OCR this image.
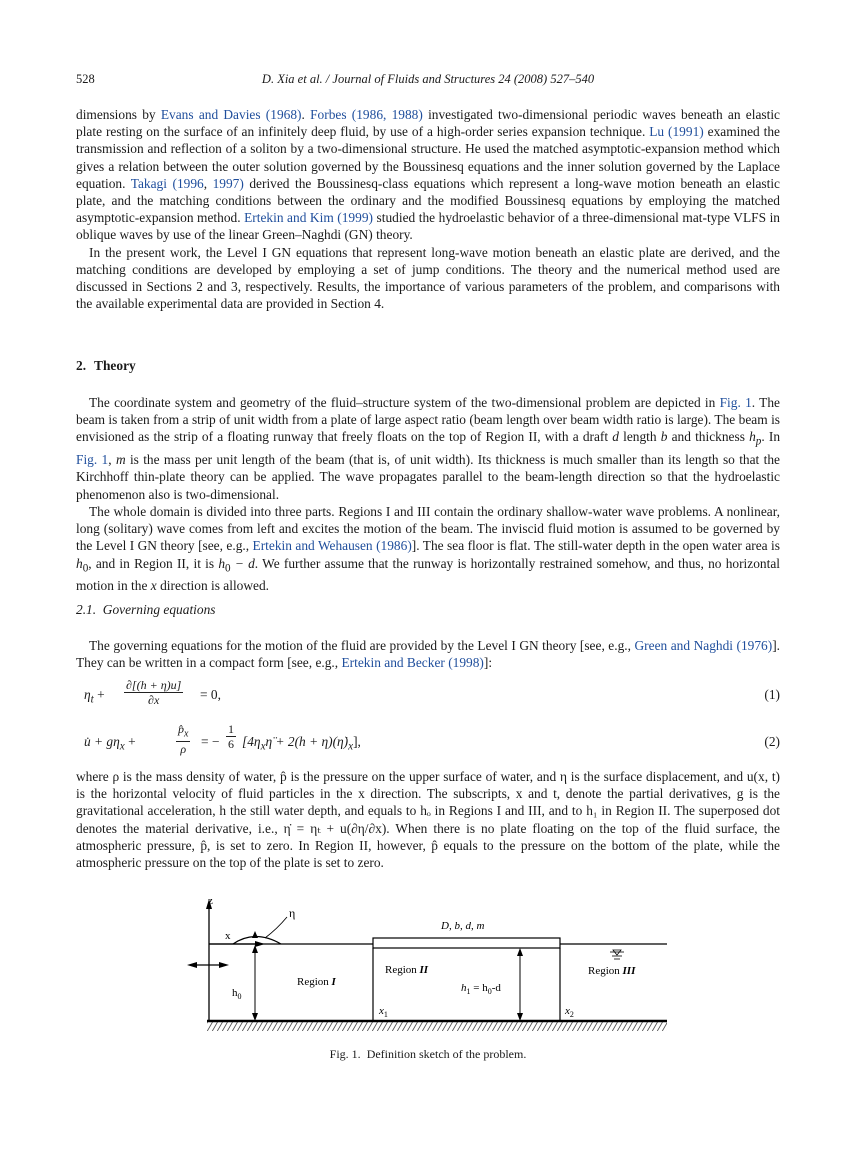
528	D. Xia et al. / Journal of Fluids and Structures 24 (2008) 527–540

dimensions by Evans and Davies (1968). Forbes (1986, 1988) investigated two-dimensional periodic waves beneath an elastic plate resting on the surface of an infinitely deep fluid, by use of a high-order series expansion technique. Lu (1991) examined the transmission and reflection of a soliton by a two-dimensional structure. He used the matched asymptotic-expansion method which gives a relation between the outer solution governed by the Boussinesq equations and the inner solution governed by the Laplace equation. Takagi (1996, 1997) derived the Boussinesq-class equations which represent a long-wave motion beneath an elastic plate, and the matching conditions between the ordinary and the modified Boussinesq equations by employing the matched asymptotic-expansion method. Ertekin and Kim (1999) studied the hydroelastic behavior of a three-dimensional mat-type VLFS in oblique waves by use of the linear Green–Naghdi (GN) theory.

In the present work, the Level I GN equations that represent long-wave motion beneath an elastic plate are derived, and the matching conditions are developed by employing a set of jump conditions. The theory and the numerical method used are discussed in Sections 2 and 3, respectively. Results, the importance of various parameters of the problem, and comparisons with the available experimental data are provided in Section 4.

2. Theory

The coordinate system and geometry of the fluid–structure system of the two-dimensional problem are depicted in Fig. 1. The beam is taken from a strip of unit width from a plate of large aspect ratio (beam length over beam width ratio is large). The beam is envisioned as the strip of a floating runway that freely floats on the top of Region II, with a draft d length b and thickness $h_p$. In Fig. 1, m is the mass per unit length of the beam (that is, of unit width). Its thickness is much smaller than its length so that the Kirchhoff thin-plate theory can be applied. The wave propagates parallel to the beam-length direction so that the hydroelastic phenomenon also is two-dimensional.

The whole domain is divided into three parts. Regions I and III contain the ordinary shallow-water wave problems. A nonlinear, long (solitary) wave comes from left and excites the motion of the beam. The inviscid fluid motion is assumed to be governed by the Level I GN theory [see, e.g., Ertekin and Wehausen (1986)]. The sea floor is flat. The still-water depth in the open water area is $h_0$, and in Region II, it is $h_0 - d$. We further assume that the runway is horizontally restrained somehow, and thus, no horizontal motion in the x direction is allowed.

2.1. Governing equations

The governing equations for the motion of the fluid are provided by the Level I GN theory [see, e.g., Green and Naghdi (1976)]. They can be written in a compact form [see, e.g., Ertekin and Becker (1998)]:

$\eta_t + \frac{\partial[(h + \eta)u]}{\partial x} = 0$,	(1)
u̇ + $g\eta_x$ +	$\frac{p̂_x}{\rho}$ = − $\frac{1}{6}$ [$4\eta_x\etä + 2(h$ + $\eta)(\etȧ)_x$],	(2)

where ρ is the mass density of water, p̂ is the pressure on the upper surface of water, and η is the surface displacement, and u(x, t) is the horizontal velocity of fluid particles in the x direction. The subscripts, x and t, denote the partial derivatives, g is the gravitational acceleration, h the still water depth, and equals to hₒ in Regions I and III, and to h₁ in Region II. The superposed dot denotes the material derivative, i.e., η̇ = ηₜ + u(∂η/∂x). When there is no plate floating on the top of the fluid surface, the atmospheric pressure, p̂, is set to zero. In Region II, however, p̂ equals to the pressure on the bottom of the plate, while the atmospheric pressure on the top of the plate is set to zero.

z
x
η
$h_0$
D, b, d, m
$x_1$	$x_2$
$h_1 = h_0-d$
Region I
Region II	Region III
Fig. 1. Definition sketch of the problem.
